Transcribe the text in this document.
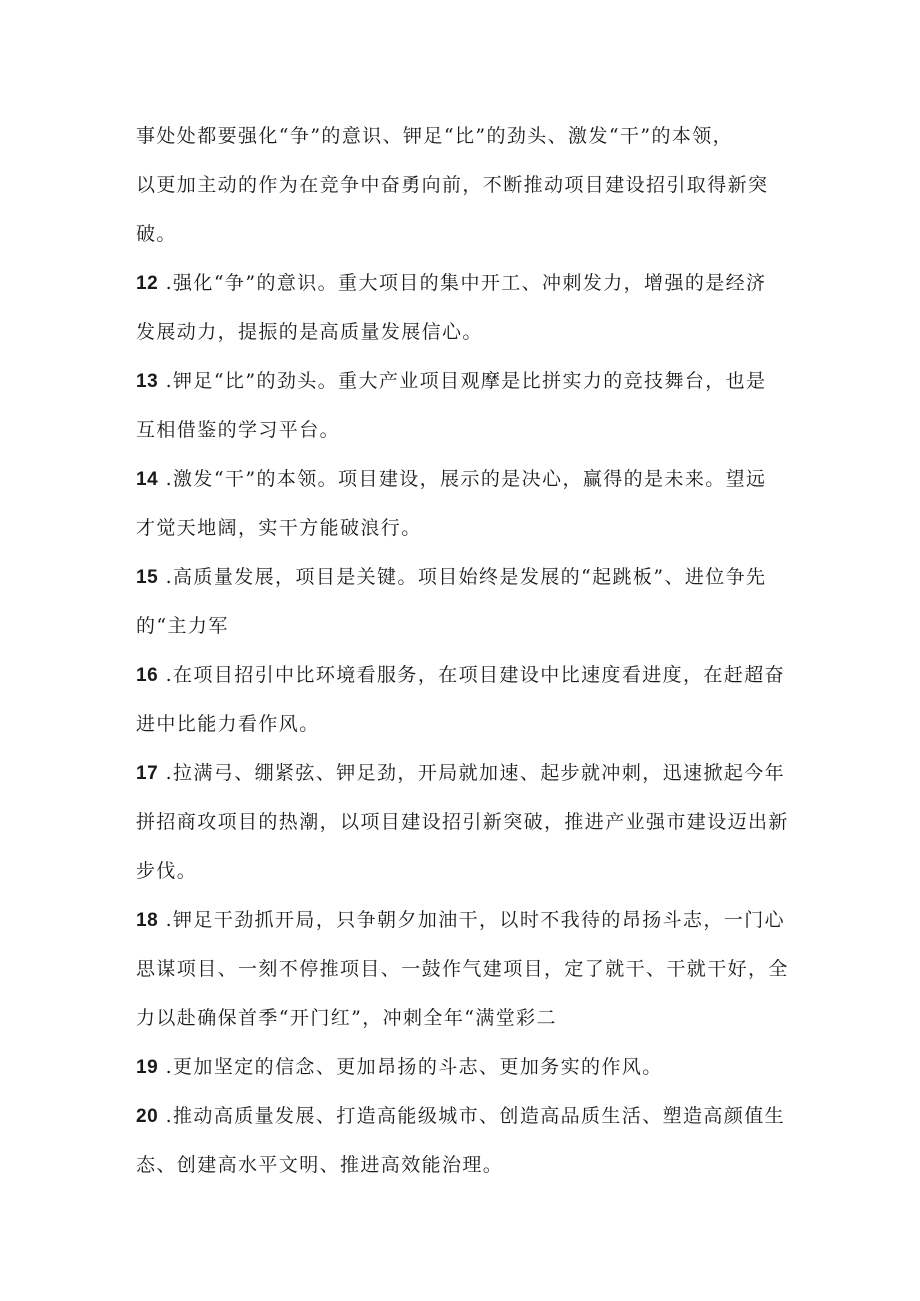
事处处都要强化“争”的意识、钾足“比”的劲头、激发“干”的本领，
以更加主动的作为在竞争中奋勇向前，不断推动项目建设招引取得新突
破。
12 .强化“争”的意识。重大项目的集中开工、冲刺发力，增强的是经济
发展动力，提振的是高质量发展信心。
13 .钾足“比”的劲头。重大产业项目观摩是比拼实力的竞技舞台，也是
互相借鉴的学习平台。
14 .激发“干”的本领。项目建设，展示的是决心，赢得的是未来。望远
才觉天地阔，实干方能破浪行。
15 .高质量发展，项目是关键。项目始终是发展的“起跳板”、进位争先
的“主力军
16 .在项目招引中比环境看服务，在项目建设中比速度看进度，在赶超奋
进中比能力看作风。
17 .拉满弓、绷紧弦、钾足劲，开局就加速、起步就冲刺，迅速掀起今年
拼招商攻项目的热潮，以项目建设招引新突破，推进产业强市建设迈出新
步伐。
18 .钾足干劲抓开局，只争朝夕加油干，以时不我待的昂扬斗志，一门心
思谋项目、一刻不停推项目、一鼓作气建项目，定了就干、干就干好，全
力以赴确保首季“开门红”，冲刺全年“满堂彩二
19 .更加坚定的信念、更加昂扬的斗志、更加务实的作风。
20 .推动高质量发展、打造高能级城市、创造高品质生活、塑造高颜值生
态、创建高水平文明、推进高效能治理。
